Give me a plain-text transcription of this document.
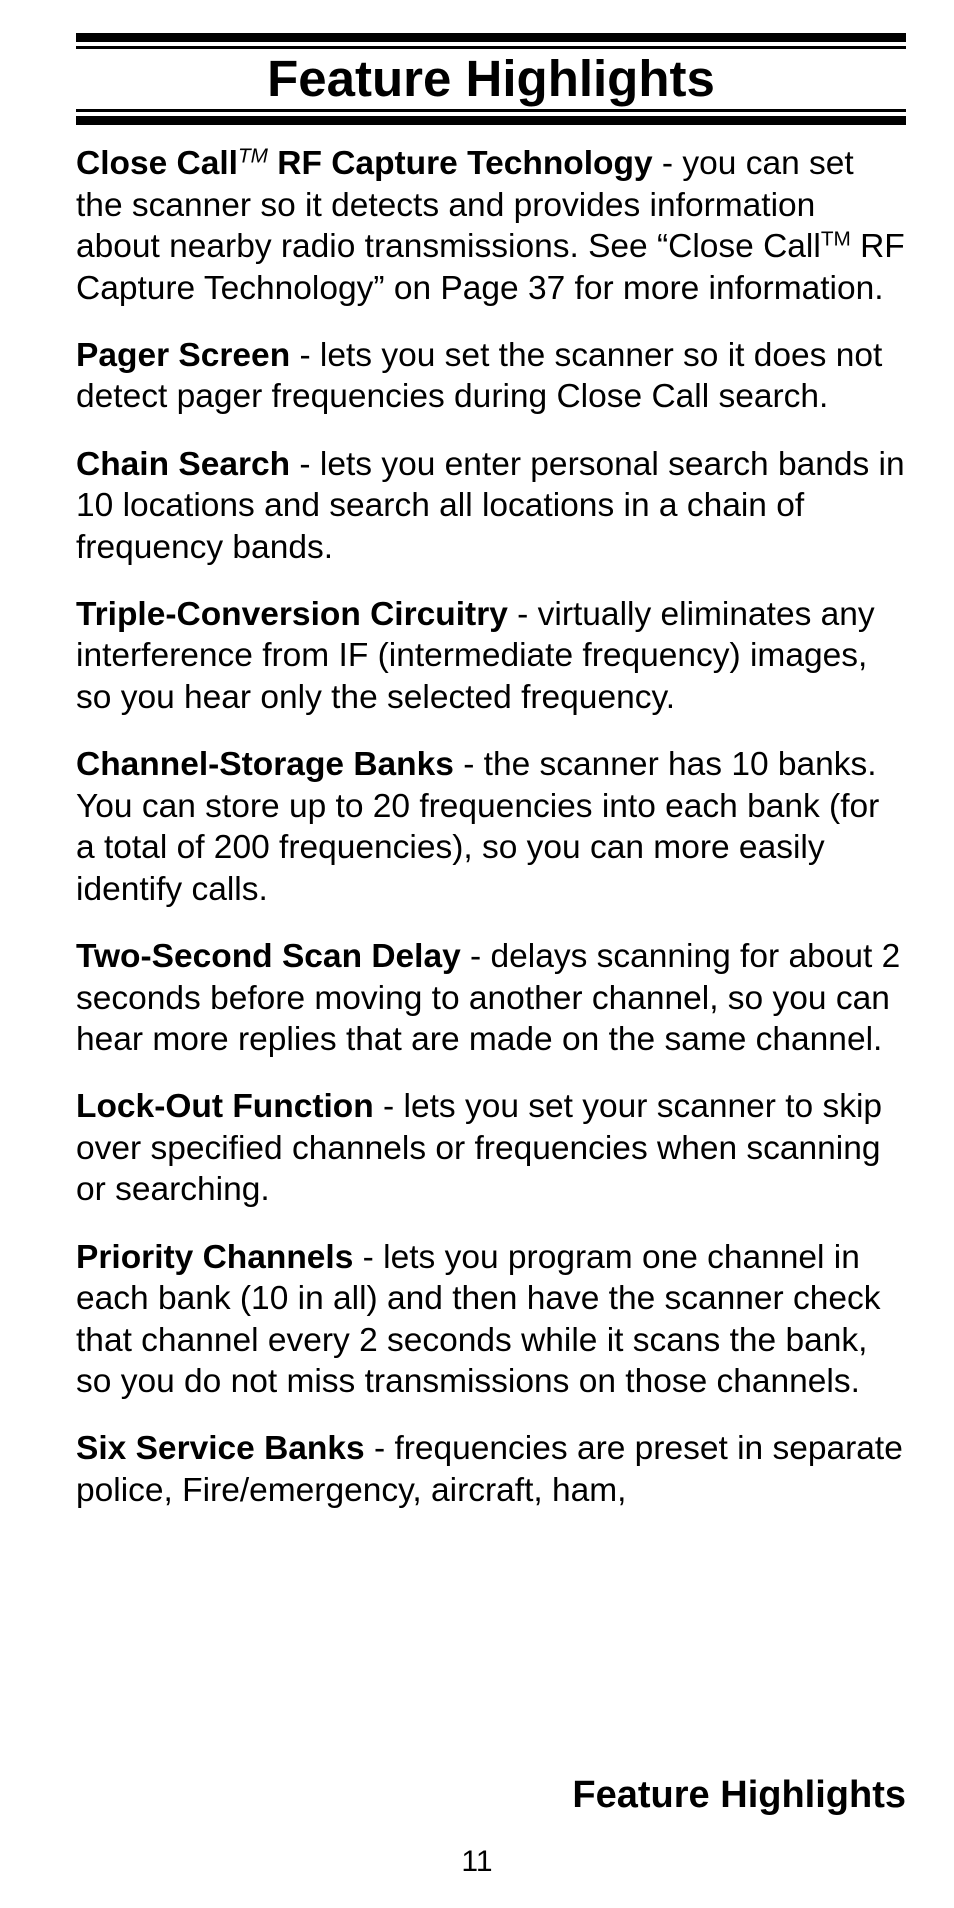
Feature Highlights

Close Call™ RF Capture Technology - you can set the scanner so it detects and provides information about nearby radio transmissions. See “Close Call™ RF Capture Technology” on Page 37 for more information.

Pager Screen - lets you set the scanner so it does not detect pager frequencies during Close Call search.

Chain Search - lets you enter personal search bands in 10 locations and search all locations in a chain of frequency bands.

Triple-Conversion Circuitry - virtually eliminates any interference from IF (intermediate frequency) images, so you hear only the selected frequency.

Channel-Storage Banks - the scanner has 10 banks. You can store up to 20 frequencies into each bank (for a total of 200 frequencies), so you can more easily identify calls.

Two-Second Scan Delay - delays scanning for about 2 seconds before moving to another channel, so you can hear more replies that are made on the same channel.

Lock-Out Function - lets you set your scanner to skip over specified channels or frequencies when scanning or searching.

Priority Channels - lets you program one channel in each bank (10 in all) and then have the scanner check that channel every 2 seconds while it scans the bank, so you do not miss transmissions on those channels.

Six Service Banks - frequencies are preset in separate police, Fire/emergency, aircraft, ham,

Feature Highlights
11
